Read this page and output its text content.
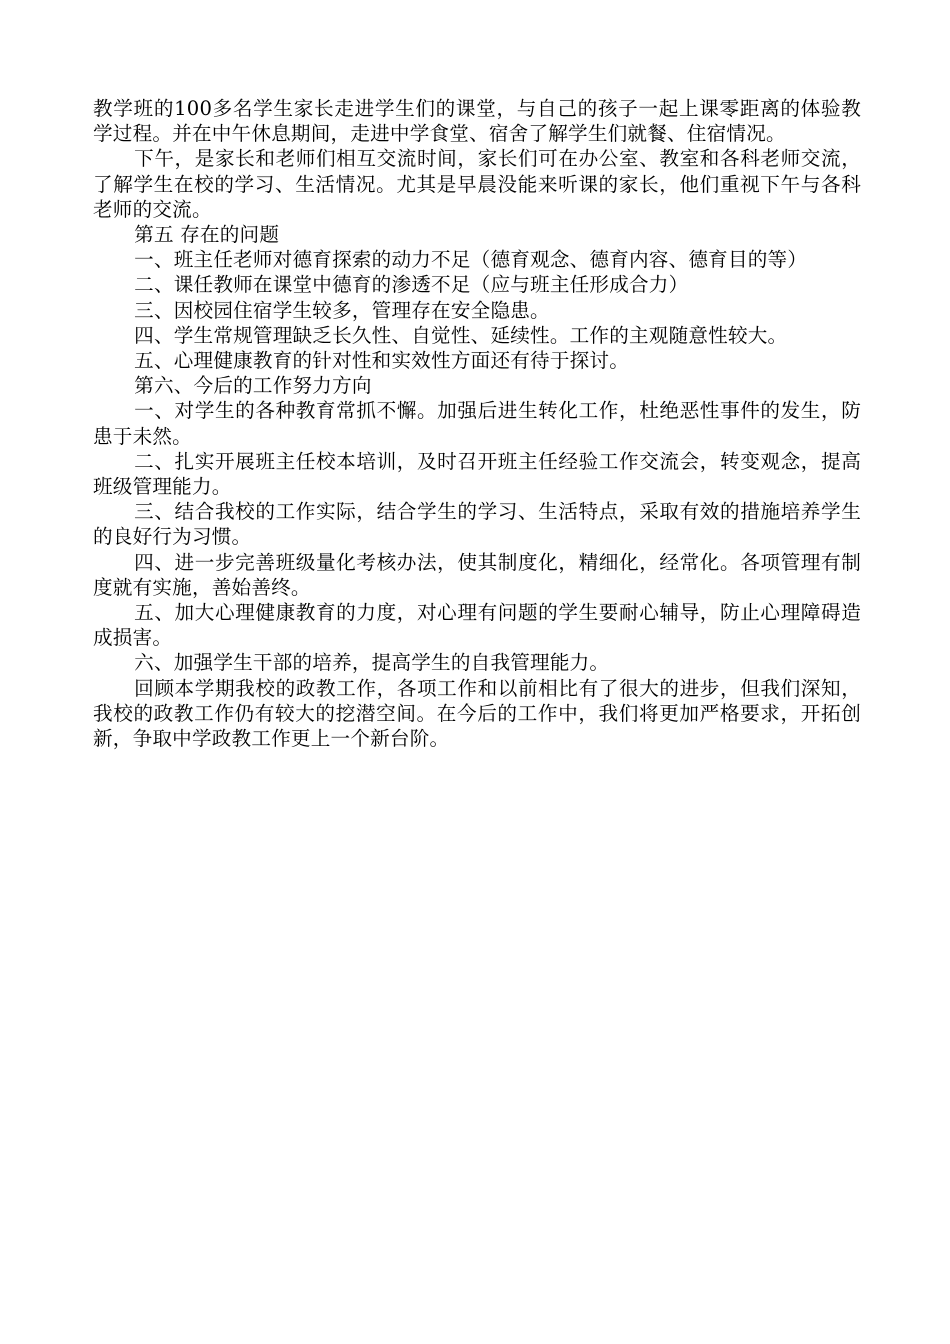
教学班的100多名学生家长走进学生们的课堂，与自己的孩子一起上课零距离的体验教学过程。并在中午休息期间，走进中学食堂、宿舍了解学生们就餐、住宿情况。

下午，是家长和老师们相互交流时间，家长们可在办公室、教室和各科老师交流，了解学生在校的学习、生活情况。尤其是早晨没能来听课的家长，他们重视下午与各科老师的交流。

第五 存在的问题

一、班主任老师对德育探索的动力不足（德育观念、德育内容、德育目的等）

二、课任教师在课堂中德育的渗透不足（应与班主任形成合力）

三、因校园住宿学生较多，管理存在安全隐患。

四、学生常规管理缺乏长久性、自觉性、延续性。工作的主观随意性较大。

五、心理健康教育的针对性和实效性方面还有待于探讨。

第六、今后的工作努力方向

一、对学生的各种教育常抓不懈。加强后进生转化工作，杜绝恶性事件的发生，防患于未然。

二、扎实开展班主任校本培训，及时召开班主任经验工作交流会，转变观念，提高班级管理能力。

三、结合我校的工作实际，结合学生的学习、生活特点，采取有效的措施培养学生的良好行为习惯。

四、进一步完善班级量化考核办法，使其制度化，精细化，经常化。各项管理有制度就有实施，善始善终。

五、加大心理健康教育的力度，对心理有问题的学生要耐心辅导，防止心理障碍造成损害。

六、加强学生干部的培养，提高学生的自我管理能力。

回顾本学期我校的政教工作，各项工作和以前相比有了很大的进步，但我们深知，我校的政教工作仍有较大的挖潜空间。在今后的工作中，我们将更加严格要求，开拓创新，争取中学政教工作更上一个新台阶。
